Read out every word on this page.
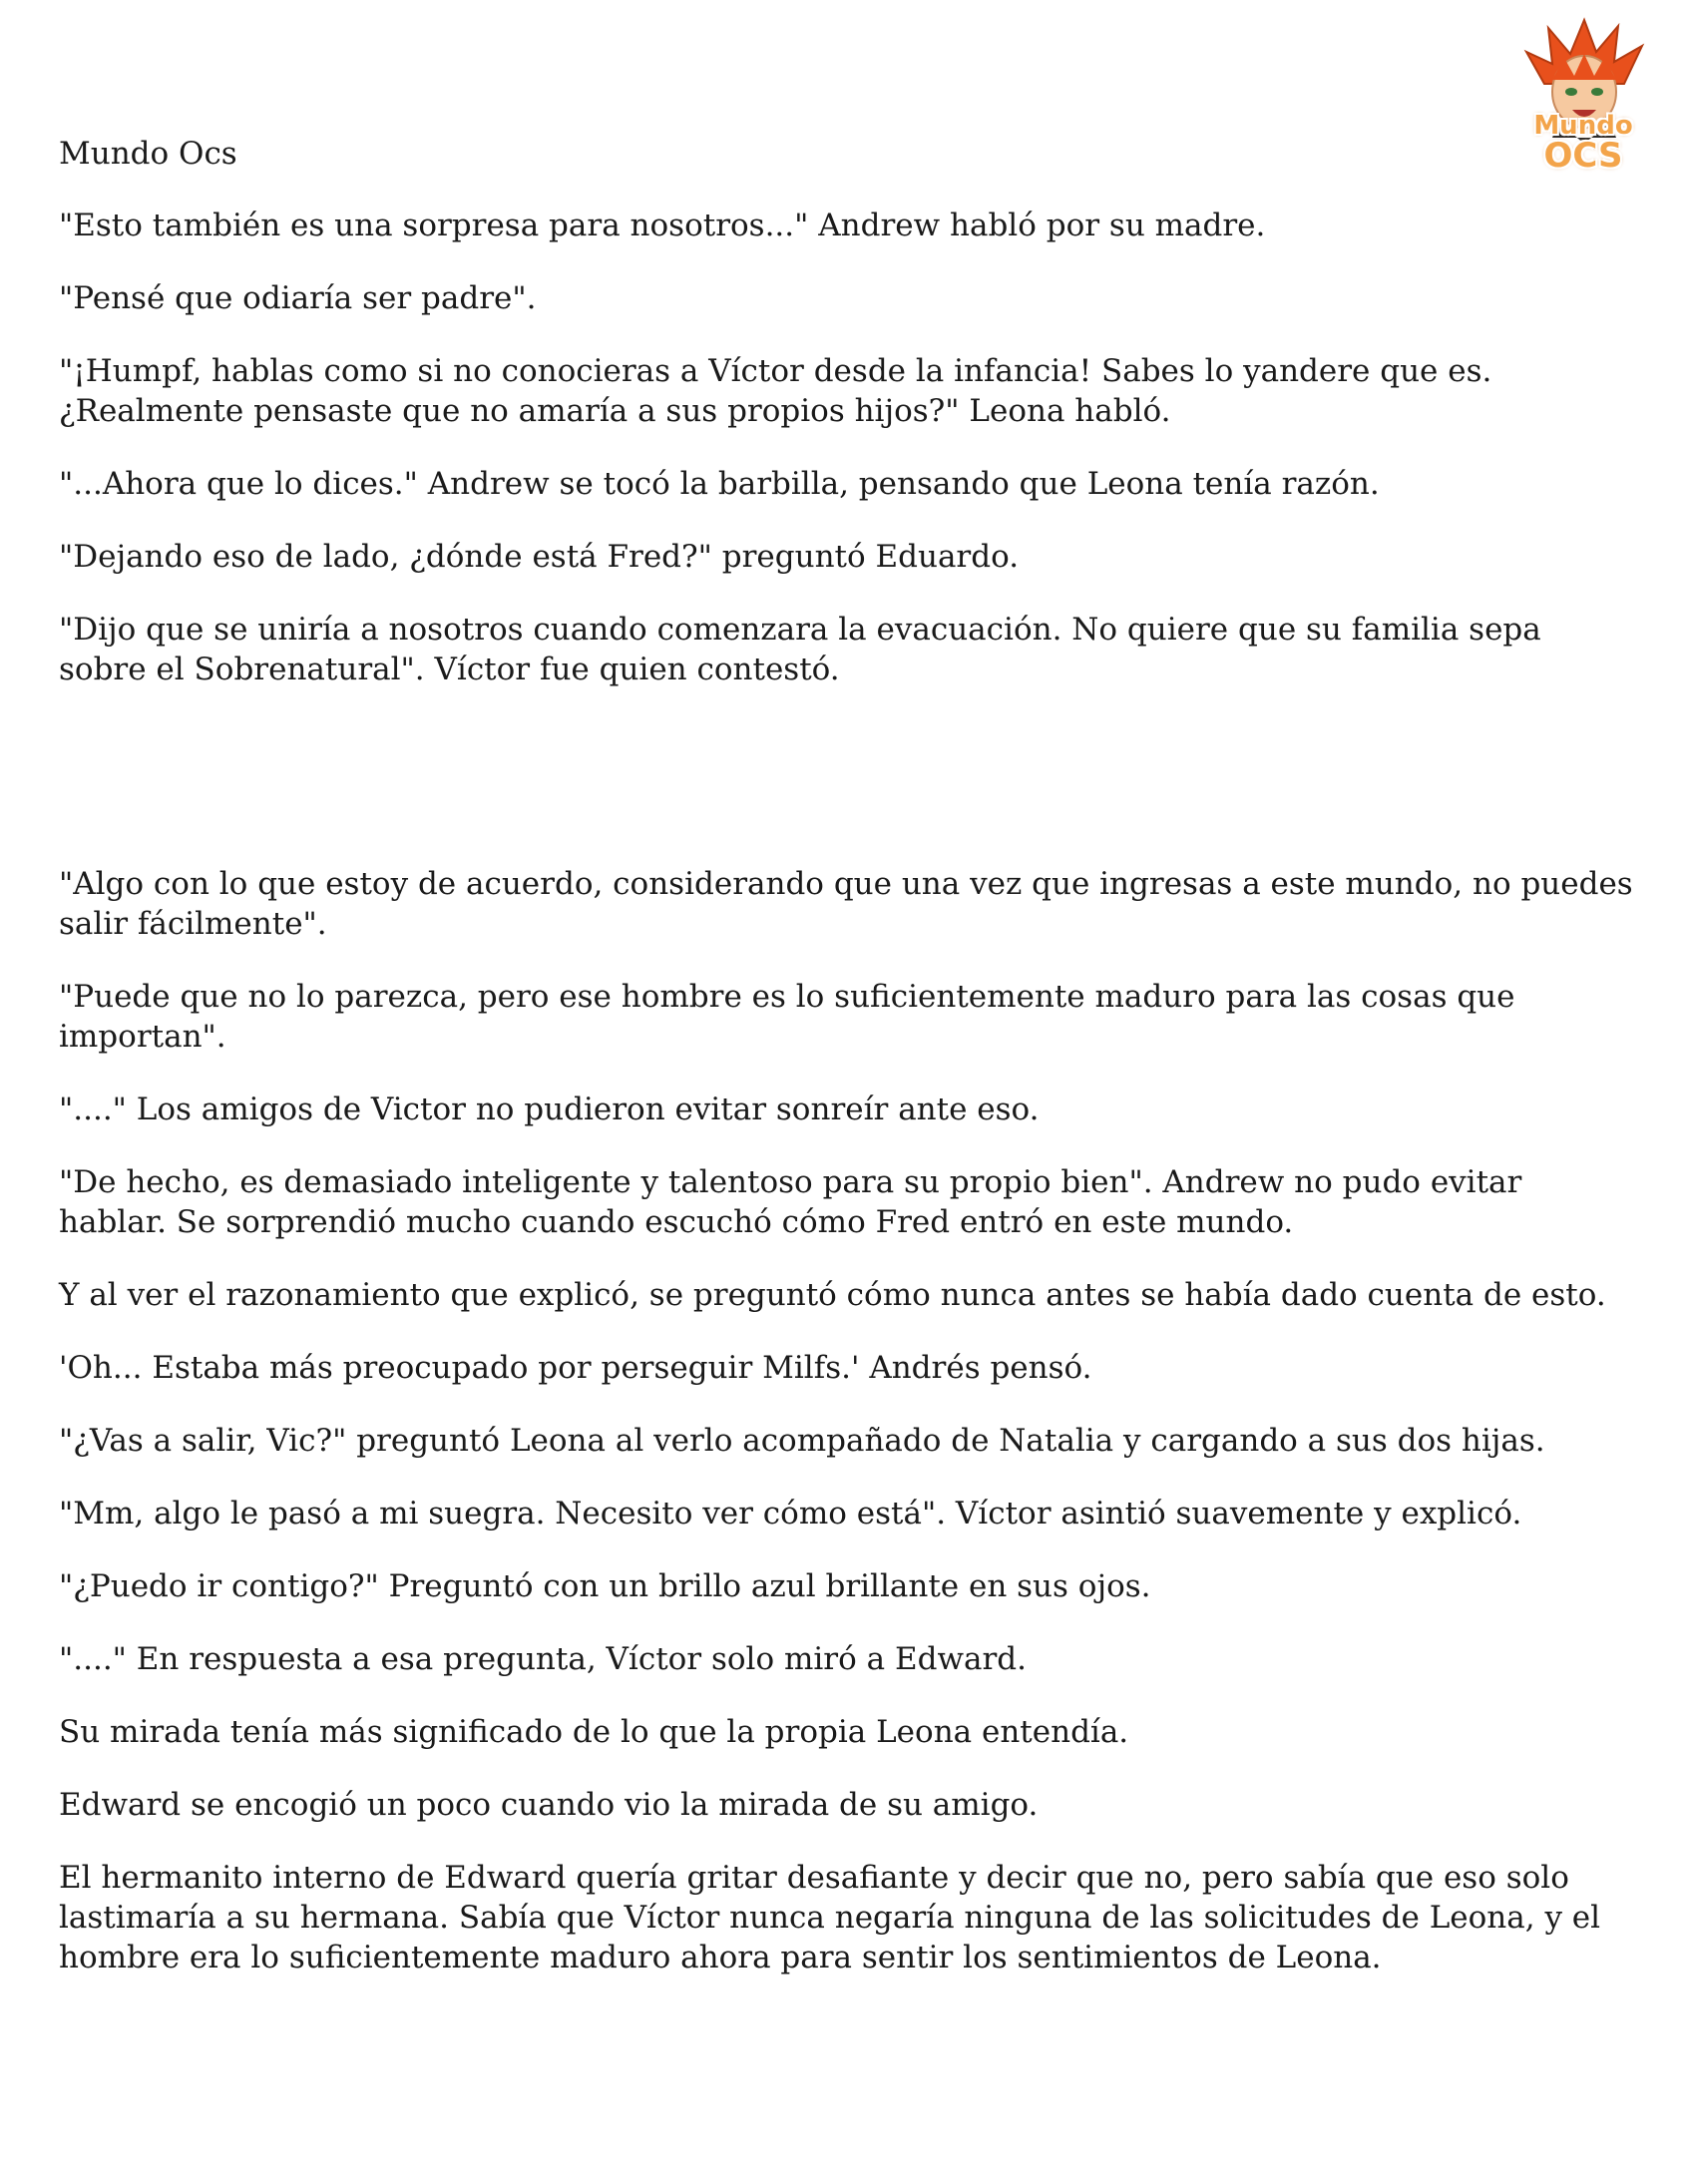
Mundo
OCS

Mundo Ocs

"Esto también es una sorpresa para nosotros..." Andrew habló por su madre.

"Pensé que odiaría ser padre".

"¡Humpf, hablas como si no conocieras a Víctor desde la infancia! Sabes lo yandere que es. ¿Realmente pensaste que no amaría a sus propios hijos?" Leona habló.

"...Ahora que lo dices." Andrew se tocó la barbilla, pensando que Leona tenía razón.

"Dejando eso de lado, ¿dónde está Fred?" preguntó Eduardo.

"Dijo que se uniría a nosotros cuando comenzara la evacuación. No quiere que su familia sepa sobre el Sobrenatural". Víctor fue quien contestó.

"Algo con lo que estoy de acuerdo, considerando que una vez que ingresas a este mundo, no puedes salir fácilmente".

"Puede que no lo parezca, pero ese hombre es lo suficientemente maduro para las cosas que importan".

"...." Los amigos de Victor no pudieron evitar sonreír ante eso.

"De hecho, es demasiado inteligente y talentoso para su propio bien". Andrew no pudo evitar hablar. Se sorprendió mucho cuando escuchó cómo Fred entró en este mundo.

Y al ver el razonamiento que explicó, se preguntó cómo nunca antes se había dado cuenta de esto.

'Oh... Estaba más preocupado por perseguir Milfs.' Andrés pensó.

"¿Vas a salir, Vic?" preguntó Leona al verlo acompañado de Natalia y cargando a sus dos hijas.

"Mm, algo le pasó a mi suegra. Necesito ver cómo está". Víctor asintió suavemente y explicó.

"¿Puedo ir contigo?" Preguntó con un brillo azul brillante en sus ojos.

"...." En respuesta a esa pregunta, Víctor solo miró a Edward.

Su mirada tenía más significado de lo que la propia Leona entendía.

Edward se encogió un poco cuando vio la mirada de su amigo.

El hermanito interno de Edward quería gritar desafiante y decir que no, pero sabía que eso solo lastimaría a su hermana. Sabía que Víctor nunca negaría ninguna de las solicitudes de Leona, y el hombre era lo suficientemente maduro ahora para sentir los sentimientos de Leona.
